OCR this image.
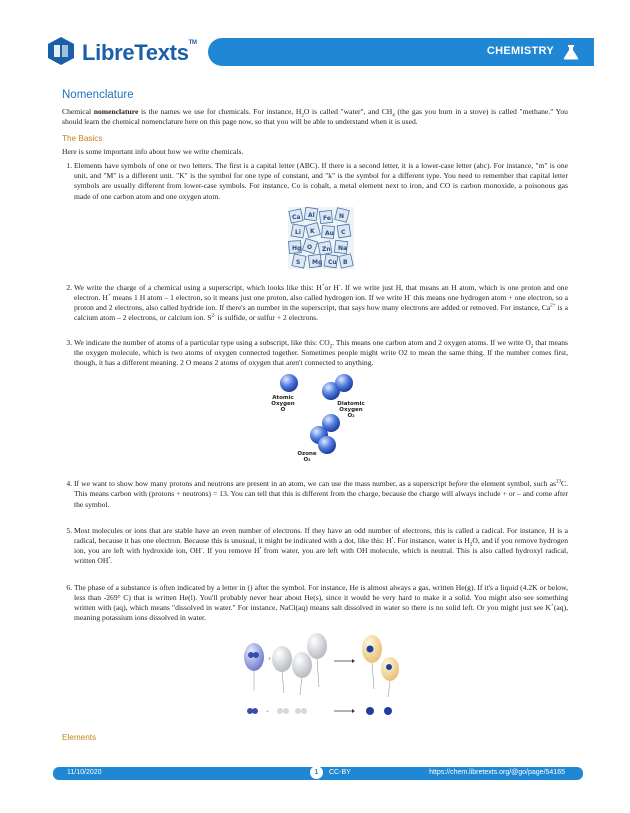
LibreTexts™
CHEMISTRY
Nomenclature

Chemical nomenclature is the names we use for chemicals. For instance, $H_2O$ is called "water", and $CH_4$ (the gas you burn in a stove) is called "methane." You should learn the chemical nomenclature here on this page now, so that you will be able to understand when it is used.

The Basics
Here is some important info about how we write chemicals.
1. Elements have symbols of one or two letters. The first is a capital letter (ABC). If there is a second letter, it is a lower-case letter (abc). For instance, "m" is one unit, and "M" is a different unit. "K" is the symbol for one type of constant, and "k" is the symbol for a different type. You need to remember that capital letter symbols are usually different from lower-case symbols. For instance, Co is cobalt, a metal element next to iron, and CO is carbon monoxide, a poisonous gas made of one carbon atom and one oxygen atom.
Ca Al Fe N
Li K Au C
Hg O Zn Na
S Mg Cu B
2. We write the charge of a chemical using a superscript, which looks like this: H+or H-. If we write just H, that means an H atom, which is one proton and one electron. H+ means 1 H atom – 1 electron, so it means just one proton, also called hydrogen ion. If we write H- this means one hydrogen atom + one electron, so a proton and 2 electrons, also called hydride ion. If there's an number in the superscript, that says how many electrons are added or removed. For instance, $Ca^{2+}$ is a calcium atom – 2 electrons, or calcium ion. $S^{2-}$ is sulfide, or sulfur + 2 electrons.
3. We indicate the number of atoms of a particular type using a subscript, like this: $CO_2$. This means one carbon atom and 2 oxygen atoms. If we write $O_2$ that means the oxygen molecule, which is two atoms of oxygen connected together. Sometimes people might write O2 to mean the same thing. If the number comes first, though, it has a different meaning. 2 O means 2 atoms of oxygen that aren't connected to anything.
Atomic
Oxygen
O
Diatomic
Oxygen
O₂
Ozone
O₃
4. If we want to show how many protons and neutrons are present in an atom, we can use the mass number, as a superscript before the element symbol, such $as^{13}C$. This means carbon with (protons + neutrons) = 13. You can tell that this is different from the charge, because the charge will always include + or – and come after the symbol.
5. Most molecules or ions that are stable have an even number of electrons. If they have an odd number of electrons, this is called a radical. For instance, H is a radical, because it has one electron. Because this is unusual, it might be indicated with a dot, like this: H•. For instance, water is $H_2O$, and if you remove hydrogen ion, you are left with hydroxide ion, OH-. If you remove H• from water, you are left with OH molecule, which is neutral. This is also called hydroxyl radical, written OH•.
6. The phase of a substance is often indicated by a letter in () after the symbol. For instance, He is almost always a gas, written He(g). If it's a liquid (4.2K or below, less than -269° C) that is written He(l). You'll probably never hear about He(s), since it would be very hard to make it a solid. You might also see something written with (aq), which means "dissolved in water." For instance, NaCl(aq) means salt dissolved in water so there is no solid left. Or you might just see K+(aq), meaning potassium ions dissolved in water.
+
+
Elements
11/10/2020	1	CC-BY	https://chem.libretexts.org/@go/page/54165
